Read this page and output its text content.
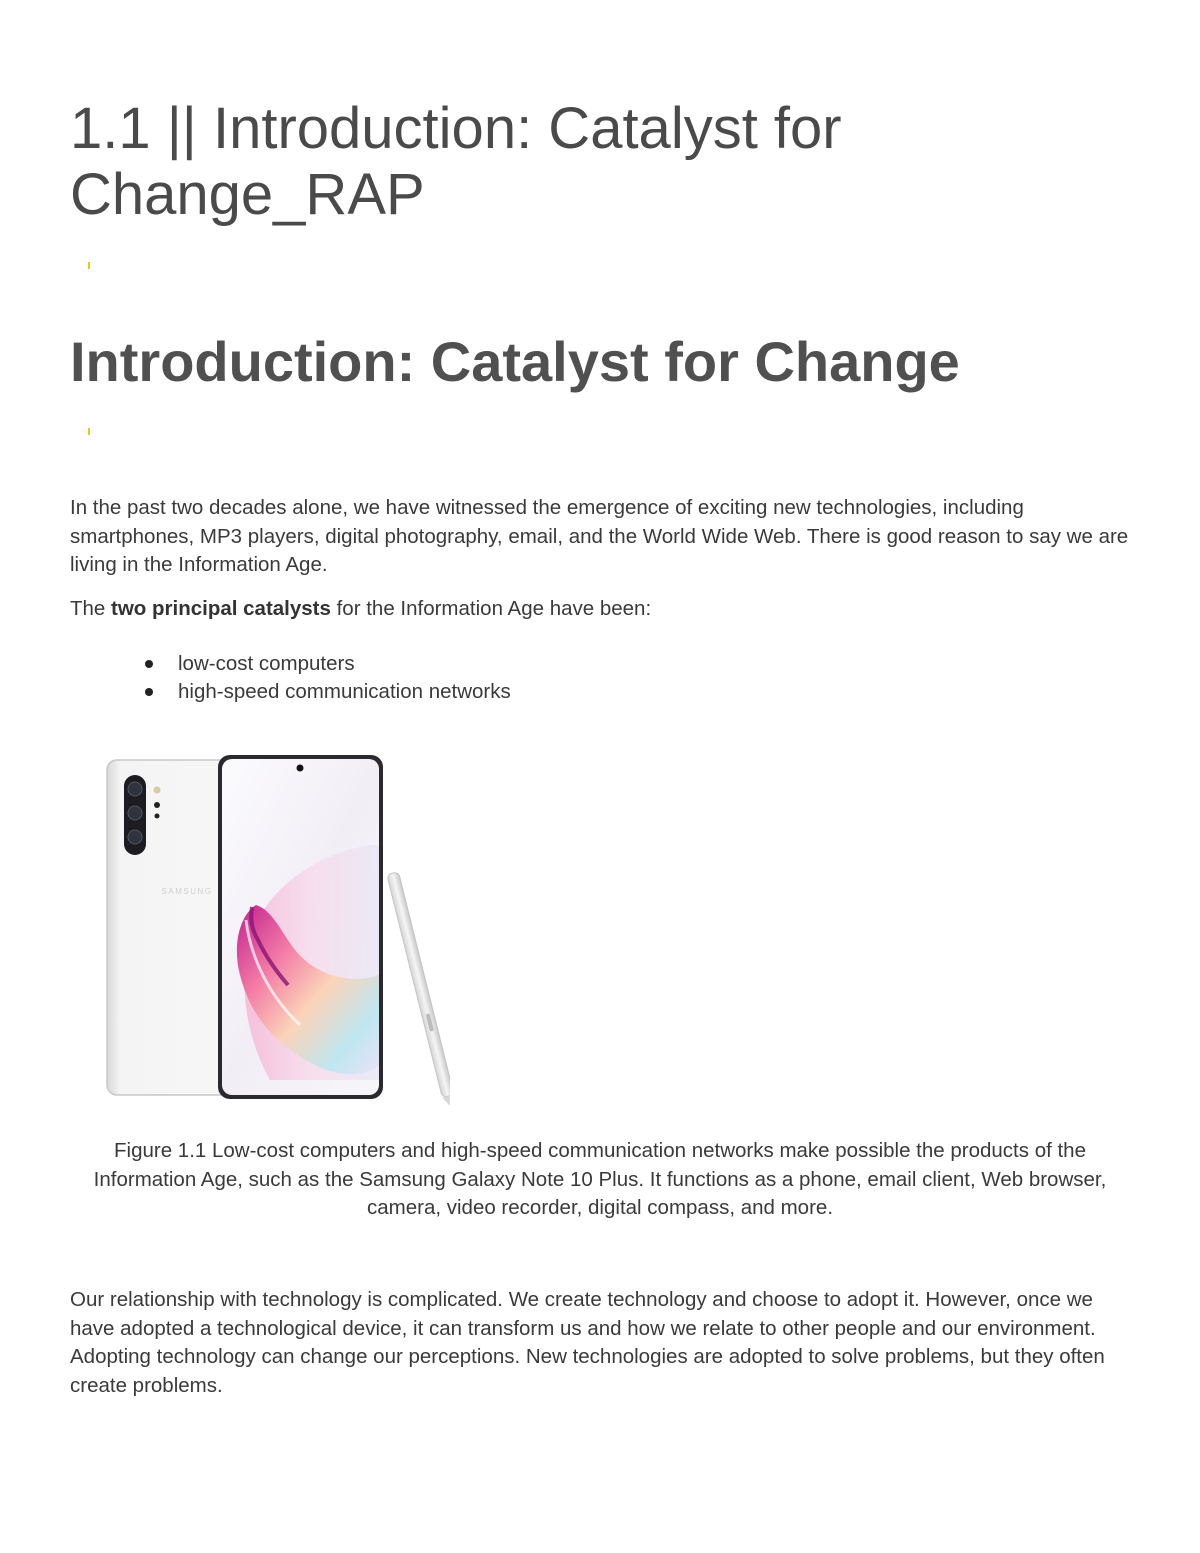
1.1 || Introduction: Catalyst for
Change_RAP
Introduction: Catalyst for Change

In the past two decades alone, we have witnessed the emergence of exciting new technologies, including smartphones, MP3 players, digital photography, email, and the World Wide Web. There is good reason to say we are living in the Information Age.

The two principal catalysts for the Information Age have been:

low-cost computers
high-speed communication networks
SAMSUNG

Figure 1.1 Low-cost computers and high-speed communication networks make possible the products of the Information Age, such as the Samsung Galaxy Note 10 Plus. It functions as a phone, email client, Web browser, camera, video recorder, digital compass, and more.

Our relationship with technology is complicated. We create technology and choose to adopt it. However, once we have adopted a technological device, it can transform us and how we relate to other people and our environment. Adopting technology can change our perceptions. New technologies are adopted to solve problems, but they often create problems.
